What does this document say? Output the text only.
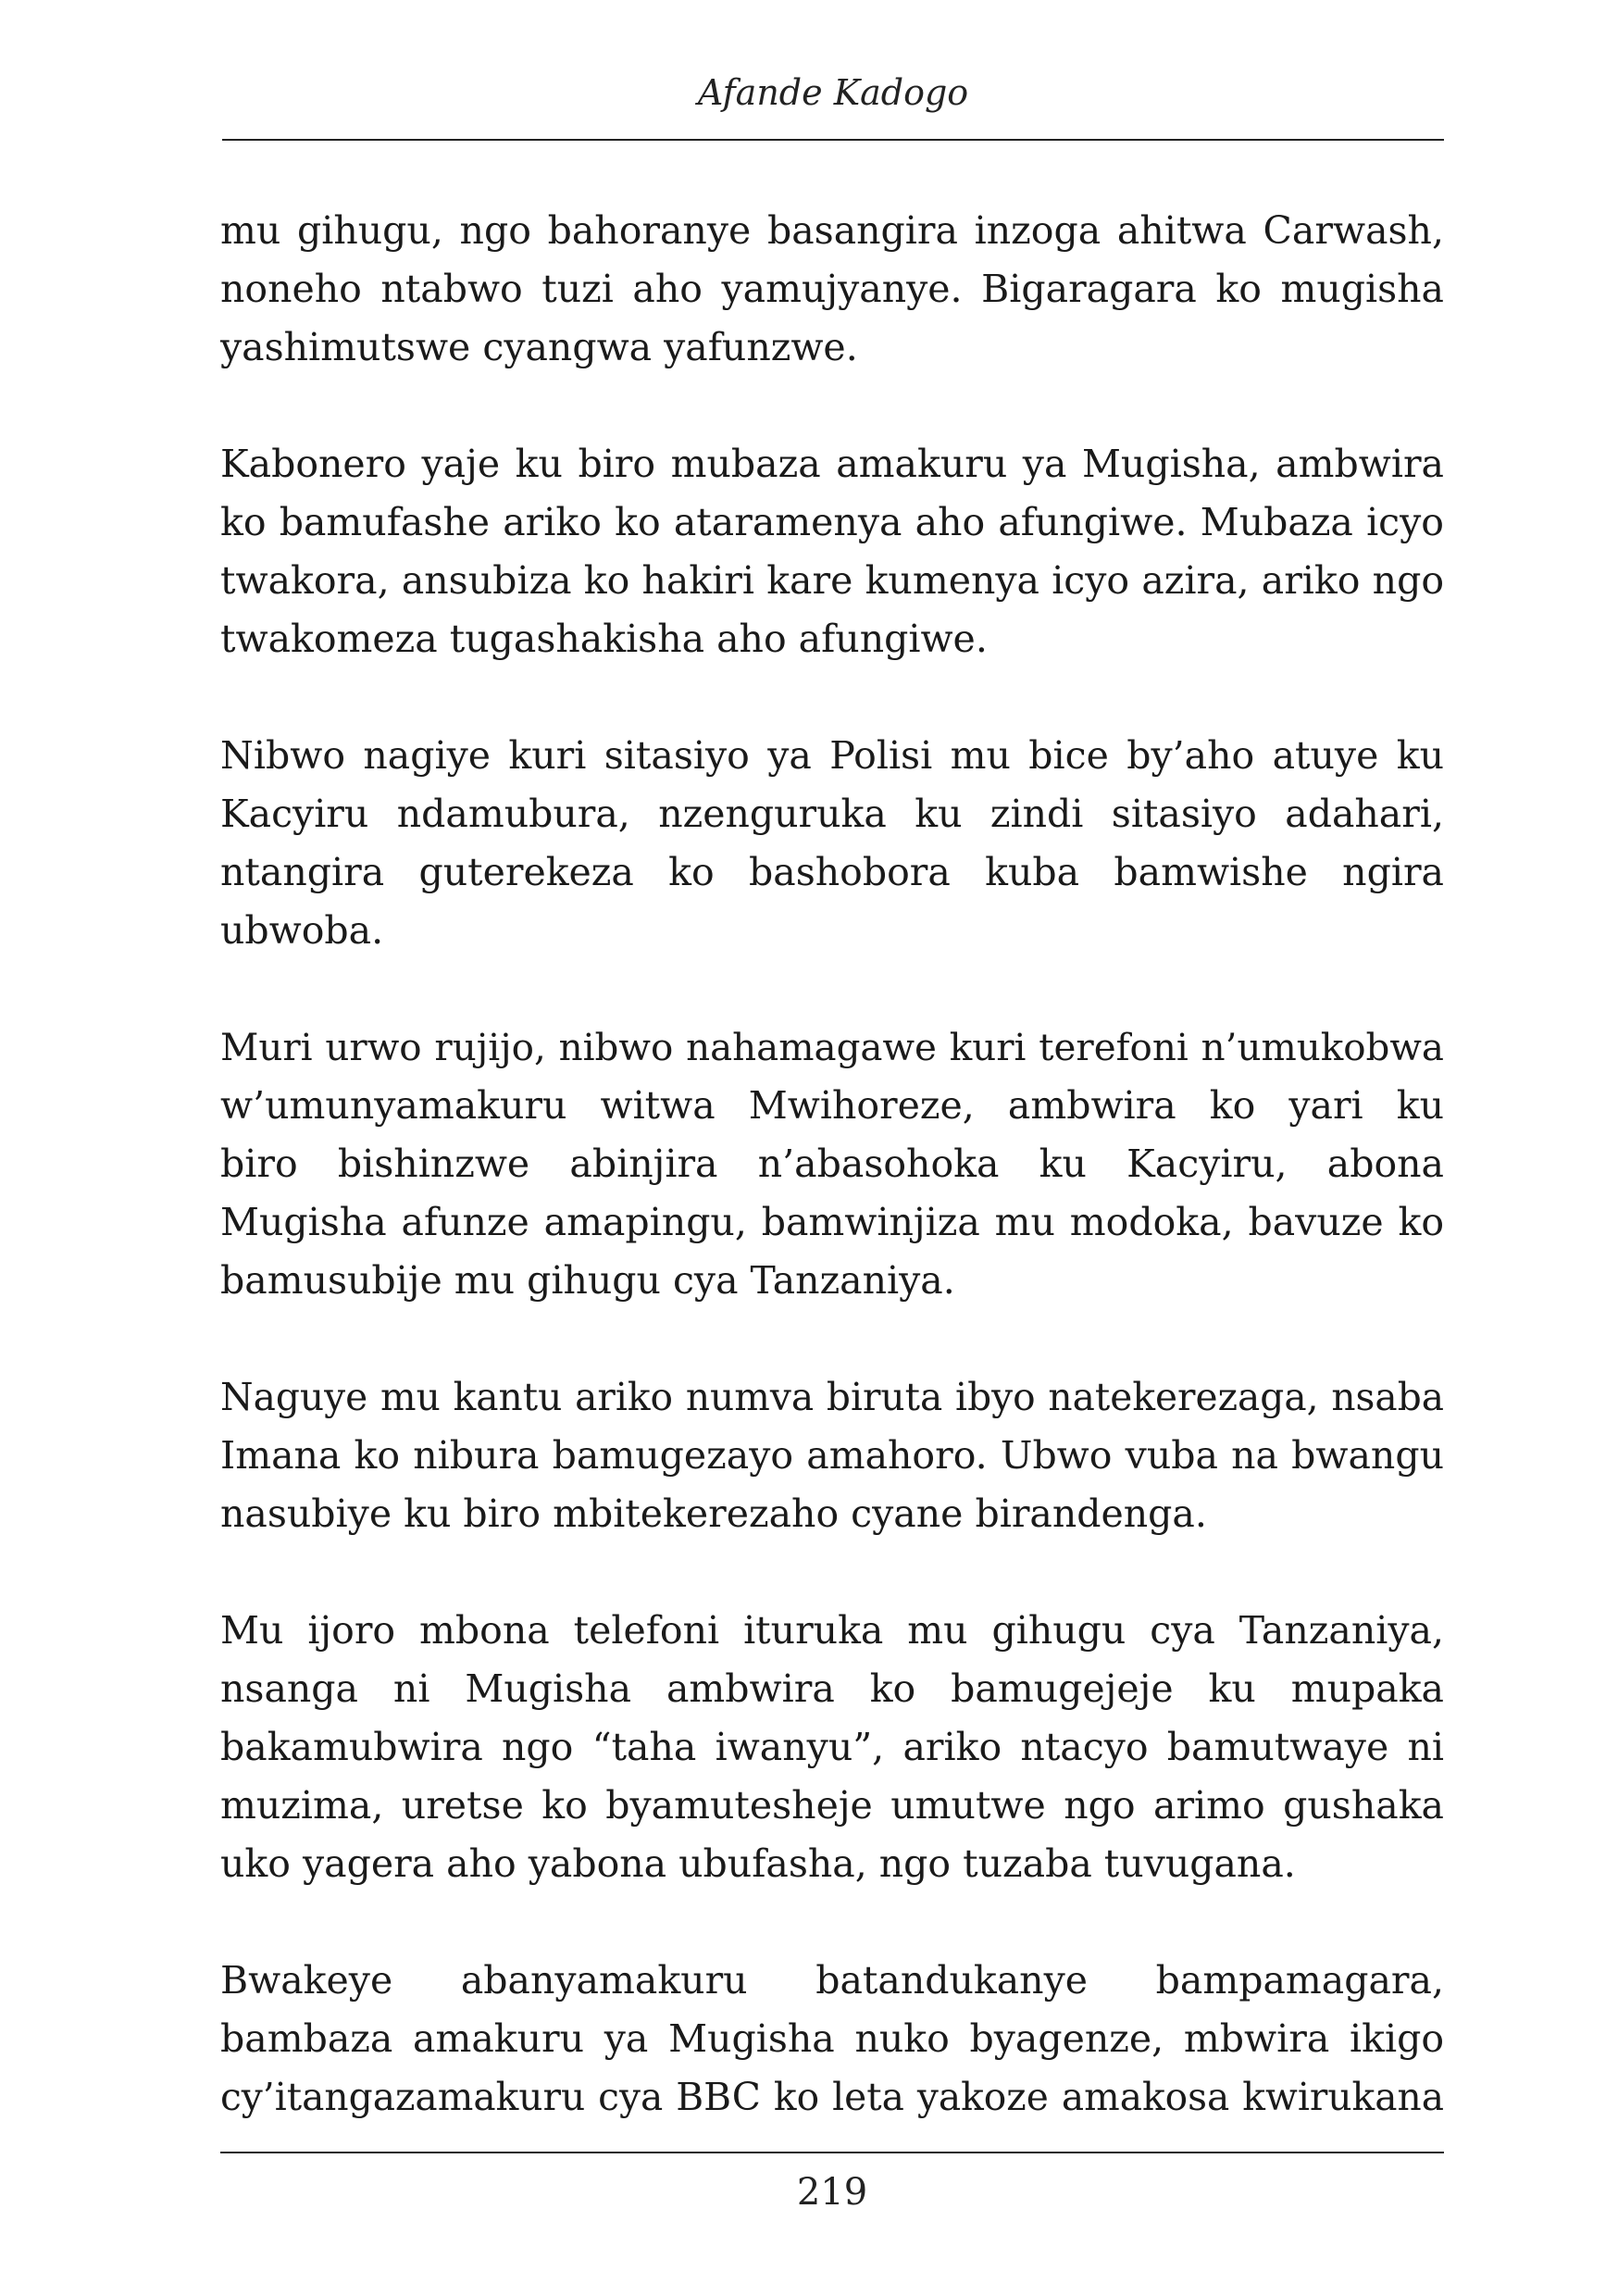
Afande Kadogo

mu gihugu, ngo bahoranye basangira inzoga ahitwa Carwash,
noneho ntabwo tuzi aho yamujyanye. Bigaragara ko mugisha
yashimutswe cyangwa yafunzwe.

Kabonero yaje ku biro mubaza amakuru ya Mugisha, ambwira
ko bamufashe ariko ko ataramenya aho afungiwe. Mubaza icyo
twakora, ansubiza ko hakiri kare kumenya icyo azira, ariko ngo
twakomeza tugashakisha aho afungiwe.

Nibwo nagiye kuri sitasiyo ya Polisi mu bice by’aho atuye ku
Kacyiru ndamubura, nzenguruka ku zindi sitasiyo adahari,
ntangira guterekeza ko bashobora kuba bamwishe ngira
ubwoba.

Muri urwo rujijo, nibwo nahamagawe kuri terefoni n’umukobwa
w’umunyamakuru witwa Mwihoreze, ambwira ko yari ku
biro bishinzwe abinjira n’abasohoka ku Kacyiru, abona
Mugisha afunze amapingu, bamwinjiza mu modoka, bavuze ko
bamusubije mu gihugu cya Tanzaniya.

Naguye mu kantu ariko numva biruta ibyo natekerezaga, nsaba
Imana ko nibura bamugezayo amahoro. Ubwo vuba na bwangu
nasubiye ku biro mbitekerezaho cyane birandenga.

Mu ijoro mbona telefoni ituruka mu gihugu cya Tanzaniya,
nsanga ni Mugisha ambwira ko bamugejeje ku mupaka
bakamubwira ngo “taha iwanyu”, ariko ntacyo bamutwaye ni
muzima, uretse ko byamutesheje umutwe ngo arimo gushaka
uko yagera aho yabona ubufasha, ngo tuzaba tuvugana.

Bwakeye abanyamakuru batandukanye bampamagara,
bambaza amakuru ya Mugisha nuko byagenze, mbwira ikigo
cy’itangazamakuru cya BBC ko leta yakoze amakosa kwirukana

219
